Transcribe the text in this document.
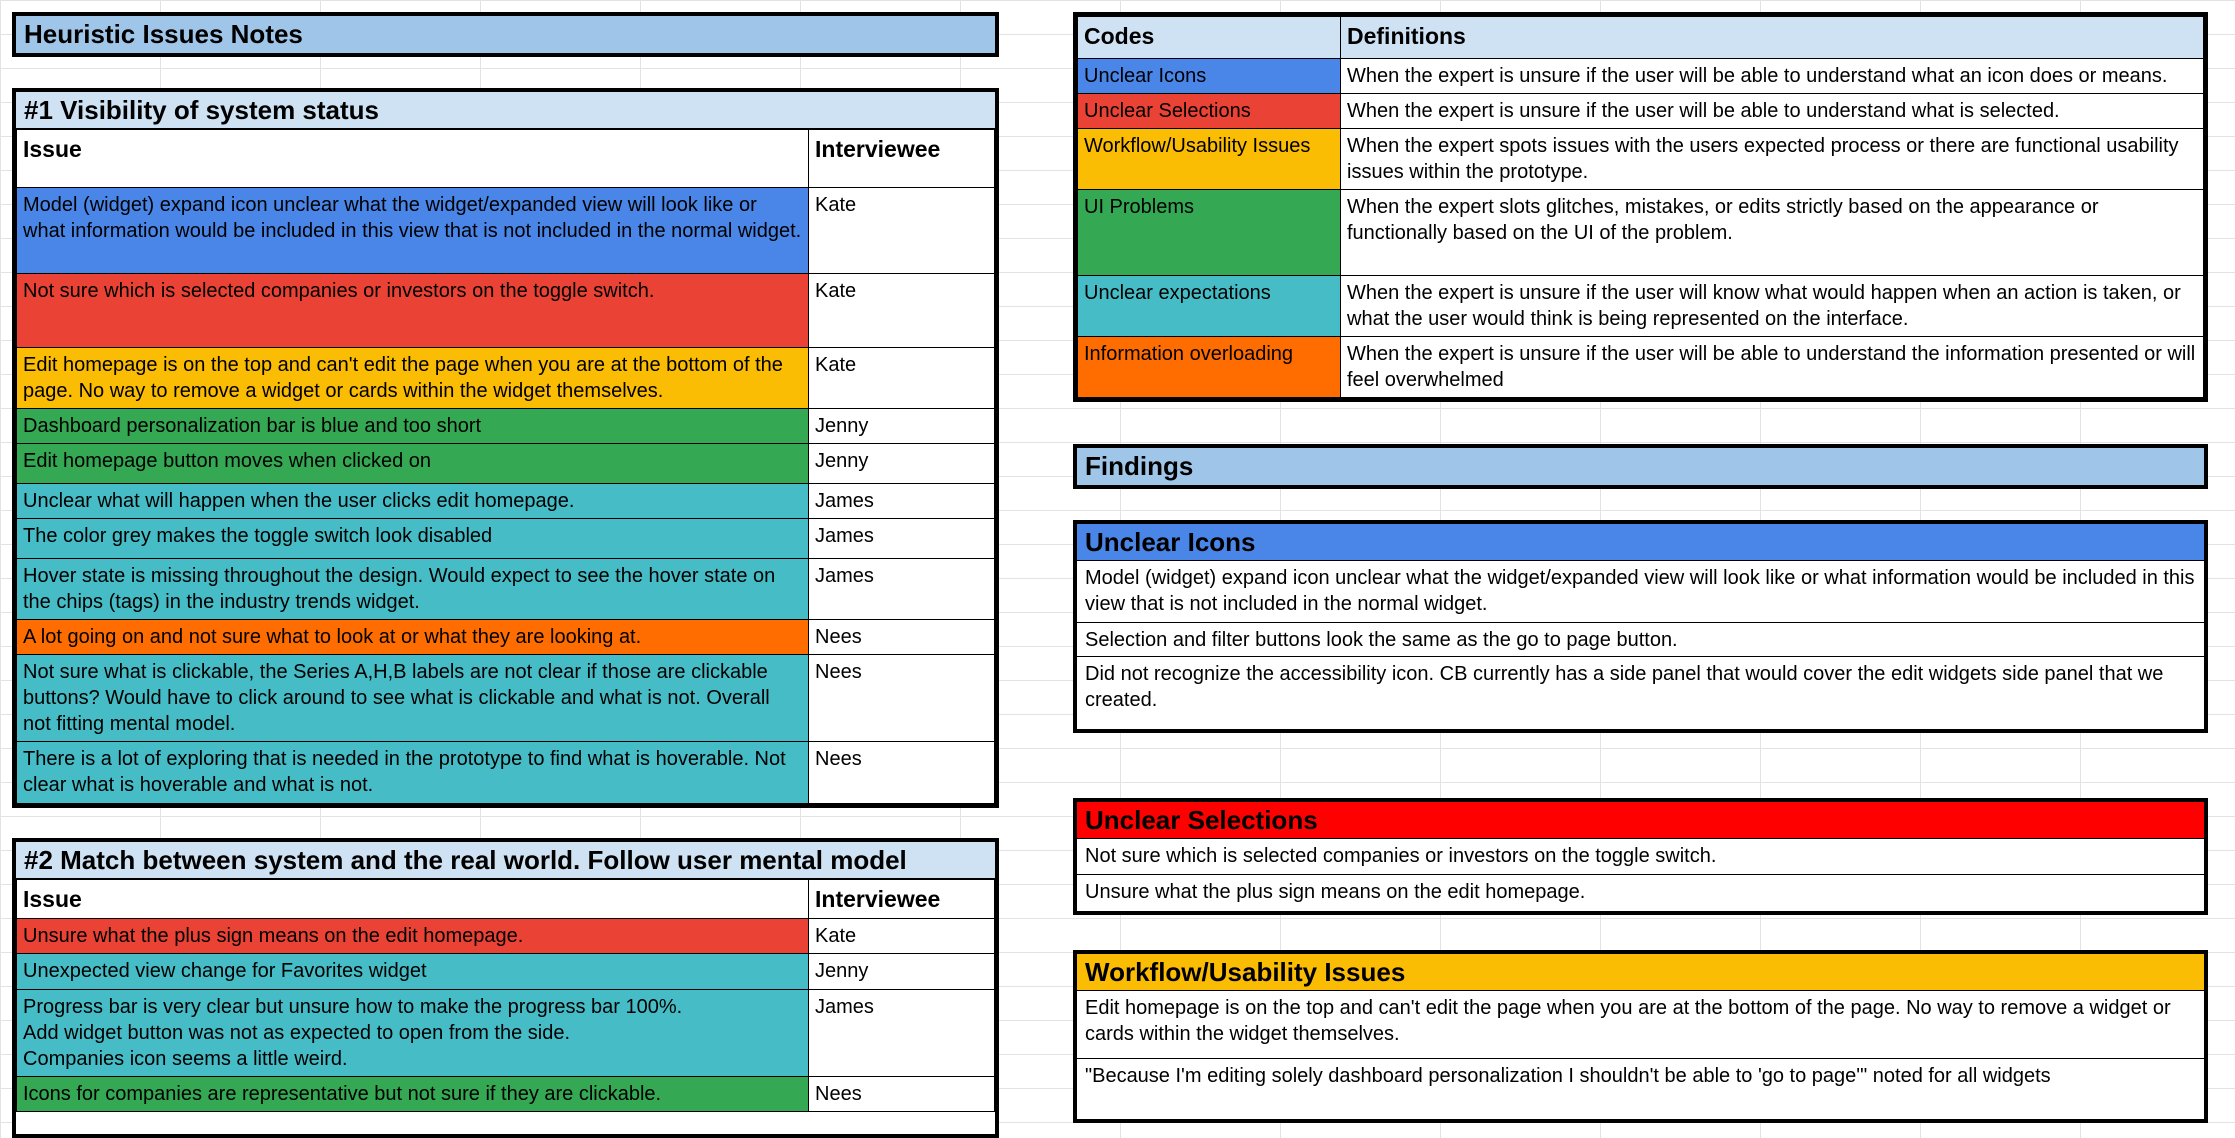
Heuristic Issues Notes
#1 Visibility of system status
Issue	Interviewee
Model (widget) expand icon unclear what the widget/expanded view will look like or what information would be included in this view that is not included in the normal widget.	Kate
Not sure which is selected companies or investors on the toggle switch.	Kate
Edit homepage is on the top and can't edit the page when you are at the bottom of the page. No way to remove a widget or cards within the widget themselves.	Kate
Dashboard personalization bar is blue and too short	Jenny
Edit homepage button moves when clicked on	Jenny
Unclear what will happen when the user clicks edit homepage.	James
The color grey makes the toggle switch look disabled	James
Hover state is missing throughout the design. Would expect to see the hover state on the chips (tags) in the industry trends widget.	James
A lot going on and not sure what to look at or what they are looking at.	Nees
Not sure what is clickable, the Series A,H,B labels are not clear if those are clickable buttons? Would have to click around to see what is clickable and what is not. Overall not fitting mental model.	Nees
There is a lot of exploring that is needed in the prototype to find what is hoverable. Not clear what is hoverable and what is not.	Nees
#2 Match between system and the real world. Follow user mental model
Issue	Interviewee
Unsure what the plus sign means on the edit homepage.	Kate
Unexpected view change for Favorites widget	Jenny
Progress bar is very clear but unsure how to make the progress bar 100%.
Add widget button was not as expected to open from the side.
Companies icon seems a little weird.	James
Icons for companies are representative but not sure if they are clickable.	Nees
Codes	Definitions
Unclear Icons	When the expert is unsure if the user will be able to understand what an icon does or means.
Unclear Selections	When the expert is unsure if the user will be able to understand what is selected.
Workflow/Usability Issues	When the expert spots issues with the users expected process or there are functional usability issues within the prototype.
UI Problems	When the expert slots glitches, mistakes, or edits strictly based on the appearance or functionally based on the UI of the problem.
Unclear expectations	When the expert is unsure if the user will know what would happen when an action is taken, or what the user would think is being represented on the interface.
Information overloading	When the expert is unsure if the user will be able to understand the information presented or will feel overwhelmed
Findings
Unclear Icons
Model (widget) expand icon unclear what the widget/expanded view will look like or what information would be included in this view that is not included in the normal widget.
Selection and filter buttons look the same as the go to page button.
Did not recognize the accessibility icon. CB currently has a side panel that would cover the edit widgets side panel that we created.
Unclear Selections
Not sure which is selected companies or investors on the toggle switch.
Unsure what the plus sign means on the edit homepage.
Workflow/Usability Issues
Edit homepage is on the top and can't edit the page when you are at the bottom of the page. No way to remove a widget or cards within the widget themselves.
"Because I'm editing solely dashboard personalization I shouldn't be able to 'go to page'" noted for all widgets
